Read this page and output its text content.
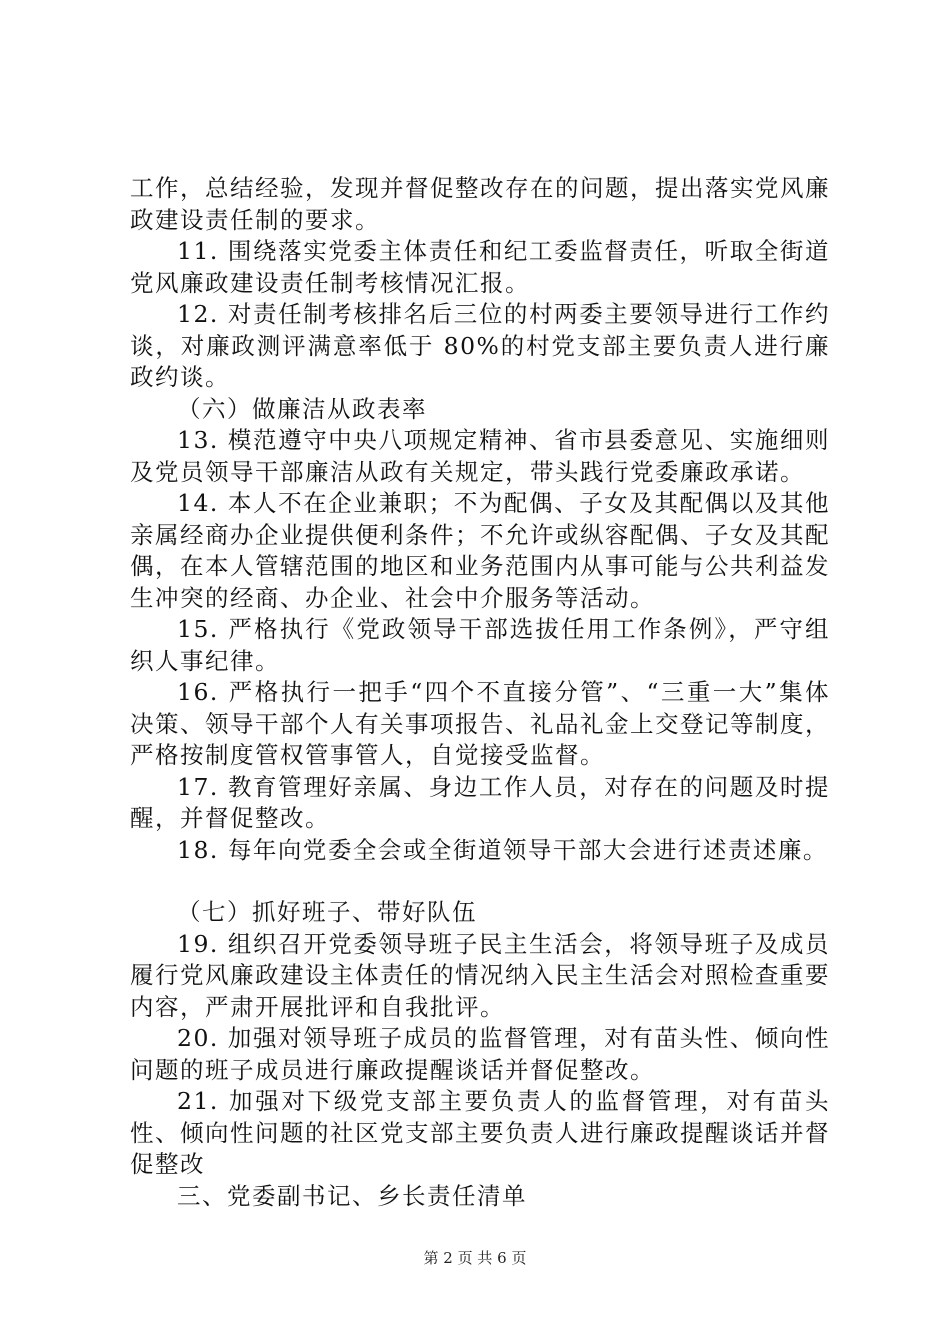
工作，总结经验，发现并督促整改存在的问题，提出落实党风廉政建设责任制的要求。

11. 围绕落实党委主体责任和纪工委监督责任，听取全街道党风廉政建设责任制考核情况汇报。

12. 对责任制考核排名后三位的村两委主要领导进行工作约谈，对廉政测评满意率低于 80%的村党支部主要负责人进行廉政约谈。

（六）做廉洁从政表率

13. 模范遵守中央八项规定精神、省市县委意见、实施细则及党员领导干部廉洁从政有关规定，带头践行党委廉政承诺。

14. 本人不在企业兼职；不为配偶、子女及其配偶以及其他亲属经商办企业提供便利条件；不允许或纵容配偶、子女及其配偶，在本人管辖范围的地区和业务范围内从事可能与公共利益发生冲突的经商、办企业、社会中介服务等活动。

15. 严格执行《党政领导干部选拔任用工作条例》，严守组织人事纪律。

16. 严格执行一把手“四个不直接分管”、“三重一大”集体决策、领导干部个人有关事项报告、礼品礼金上交登记等制度，严格按制度管权管事管人，自觉接受监督。

17. 教育管理好亲属、身边工作人员，对存在的问题及时提醒，并督促整改。

18. 每年向党委全会或全街道领导干部大会进行述责述廉。

（七）抓好班子、带好队伍

19. 组织召开党委领导班子民主生活会，将领导班子及成员履行党风廉政建设主体责任的情况纳入民主生活会对照检查重要内容，严肃开展批评和自我批评。

20. 加强对领导班子成员的监督管理，对有苗头性、倾向性问题的班子成员进行廉政提醒谈话并督促整改。

21. 加强对下级党支部主要负责人的监督管理，对有苗头性、倾向性问题的社区党支部主要负责人进行廉政提醒谈话并督促整改

三、党委副书记、乡长责任清单

第 2 页 共 6 页
